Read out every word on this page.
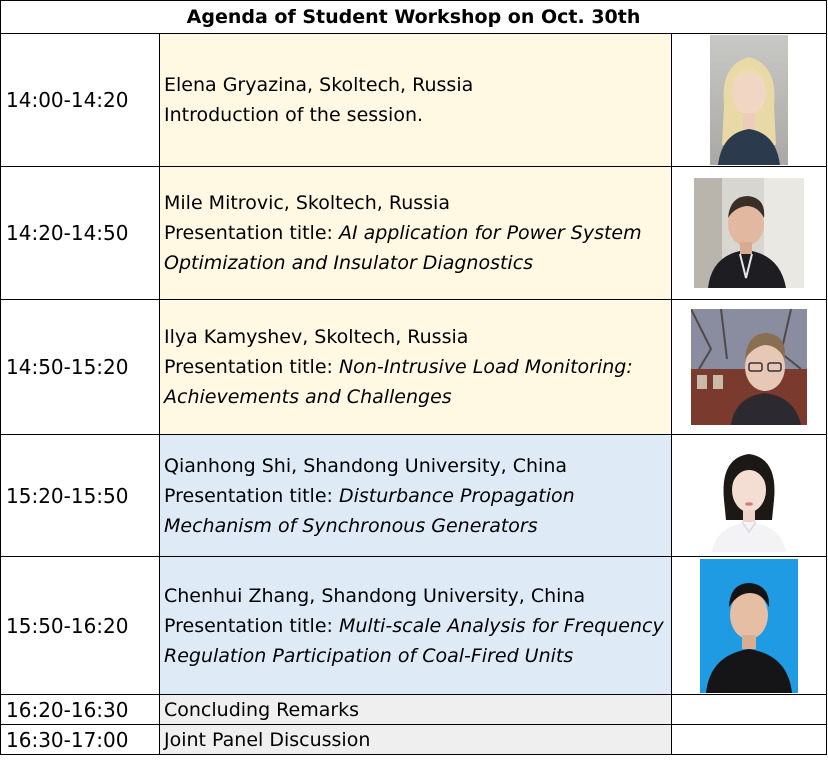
Agenda of Student Workshop on Oct. 30th		
14:00-14:20	Elena Gryazina, Skoltech, Russia
Introduction of the session.

14:20-14:50	Mile Mitrovic, Skoltech, Russia
Presentation title: AI application for Power System
Optimization and Insulator Diagnostics

14:50-15:20	Ilya Kamyshev, Skoltech, Russia
Presentation title: Non-Intrusive Load Monitoring:
Achievements and Challenges

15:20-15:50	Qianhong Shi, Shandong University, China
Presentation title: Disturbance Propagation
Mechanism of Synchronous Generators

15:50-16:20	Chenhui Zhang, Shandong University, China
Presentation title: Multi-scale Analysis for Frequency
Regulation Participation of Coal-Fired Units

16:20-16:30	Concluding Remarks	
16:30-17:00	Joint Panel Discussion	
